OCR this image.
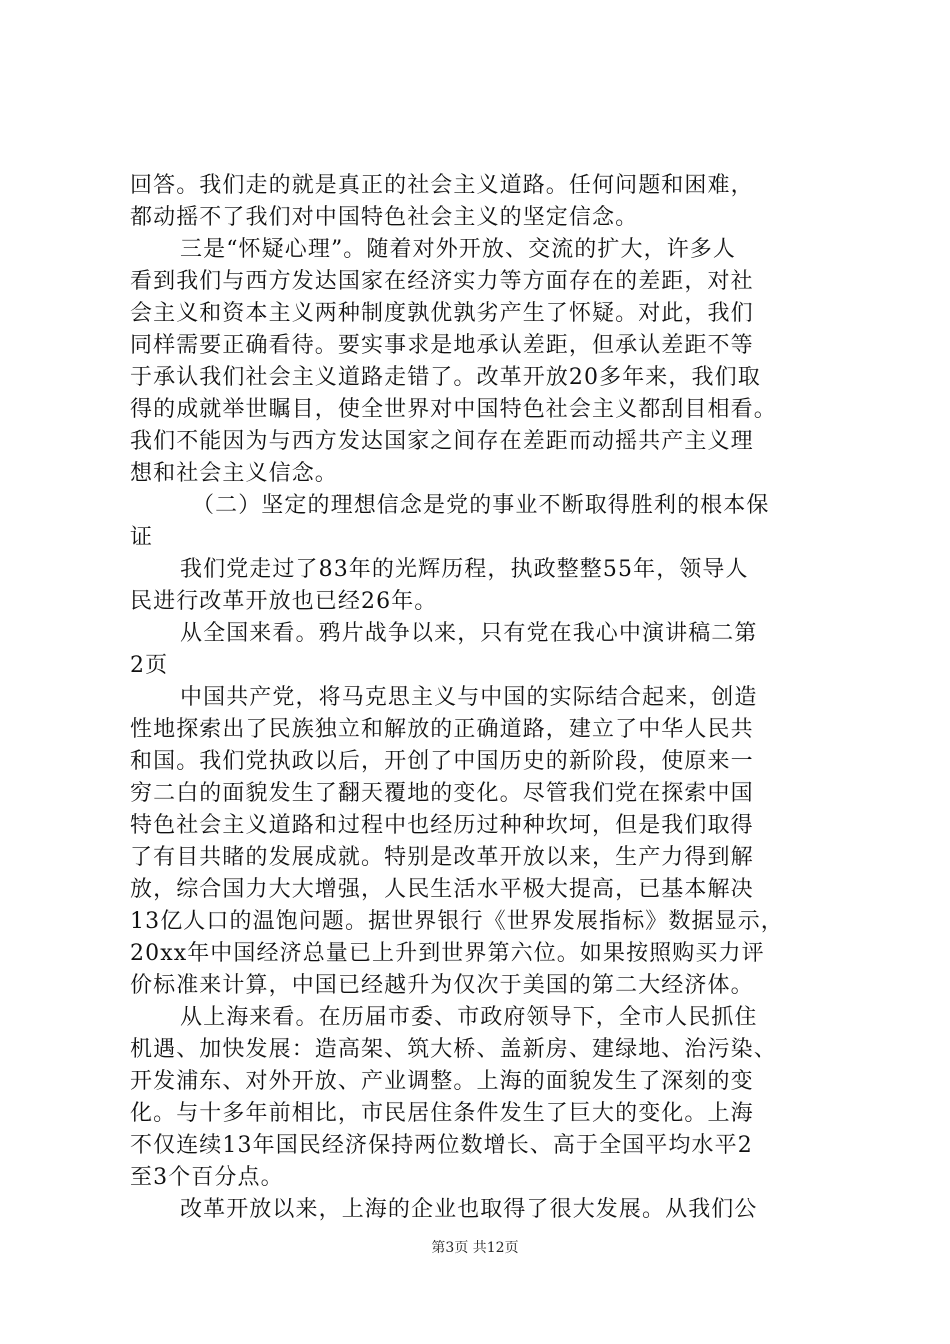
回答。我们走的就是真正的社会主义道路。任何问题和困难，
都动摇不了我们对中国特色社会主义的坚定信念。
三是“怀疑心理”。随着对外开放、交流的扩大，许多人
看到我们与西方发达国家在经济实力等方面存在的差距，对社
会主义和资本主义两种制度孰优孰劣产生了怀疑。对此，我们
同样需要正确看待。要实事求是地承认差距，但承认差距不等
于承认我们社会主义道路走错了。改革开放20多年来，我们取
得的成就举世瞩目，使全世界对中国特色社会主义都刮目相看。
我们不能因为与西方发达国家之间存在差距而动摇共产主义理
想和社会主义信念。
（二）坚定的理想信念是党的事业不断取得胜利的根本保
证
我们党走过了83年的光辉历程，执政整整55年，领导人
民进行改革开放也已经26年。
从全国来看。鸦片战争以来，只有党在我心中演讲稿二第
2页
中国共产党，将马克思主义与中国的实际结合起来，创造
性地探索出了民族独立和解放的正确道路，建立了中华人民共
和国。我们党执政以后，开创了中国历史的新阶段，使原来一
穷二白的面貌发生了翻天覆地的变化。尽管我们党在探索中国
特色社会主义道路和过程中也经历过种种坎坷，但是我们取得
了有目共睹的发展成就。特别是改革开放以来，生产力得到解
放，综合国力大大增强，人民生活水平极大提高，已基本解决
13亿人口的温饱问题。据世界银行《世界发展指标》数据显示，
20xx年中国经济总量已上升到世界第六位。如果按照购买力评
价标准来计算，中国已经越升为仅次于美国的第二大经济体。
从上海来看。在历届市委、市政府领导下，全市人民抓住
机遇、加快发展：造高架、筑大桥、盖新房、建绿地、治污染、
开发浦东、对外开放、产业调整。上海的面貌发生了深刻的变
化。与十多年前相比，市民居住条件发生了巨大的变化。上海
不仅连续13年国民经济保持两位数增长、高于全国平均水平2
至3个百分点。
改革开放以来，上海的企业也取得了很大发展。从我们公
第3页 共12页
